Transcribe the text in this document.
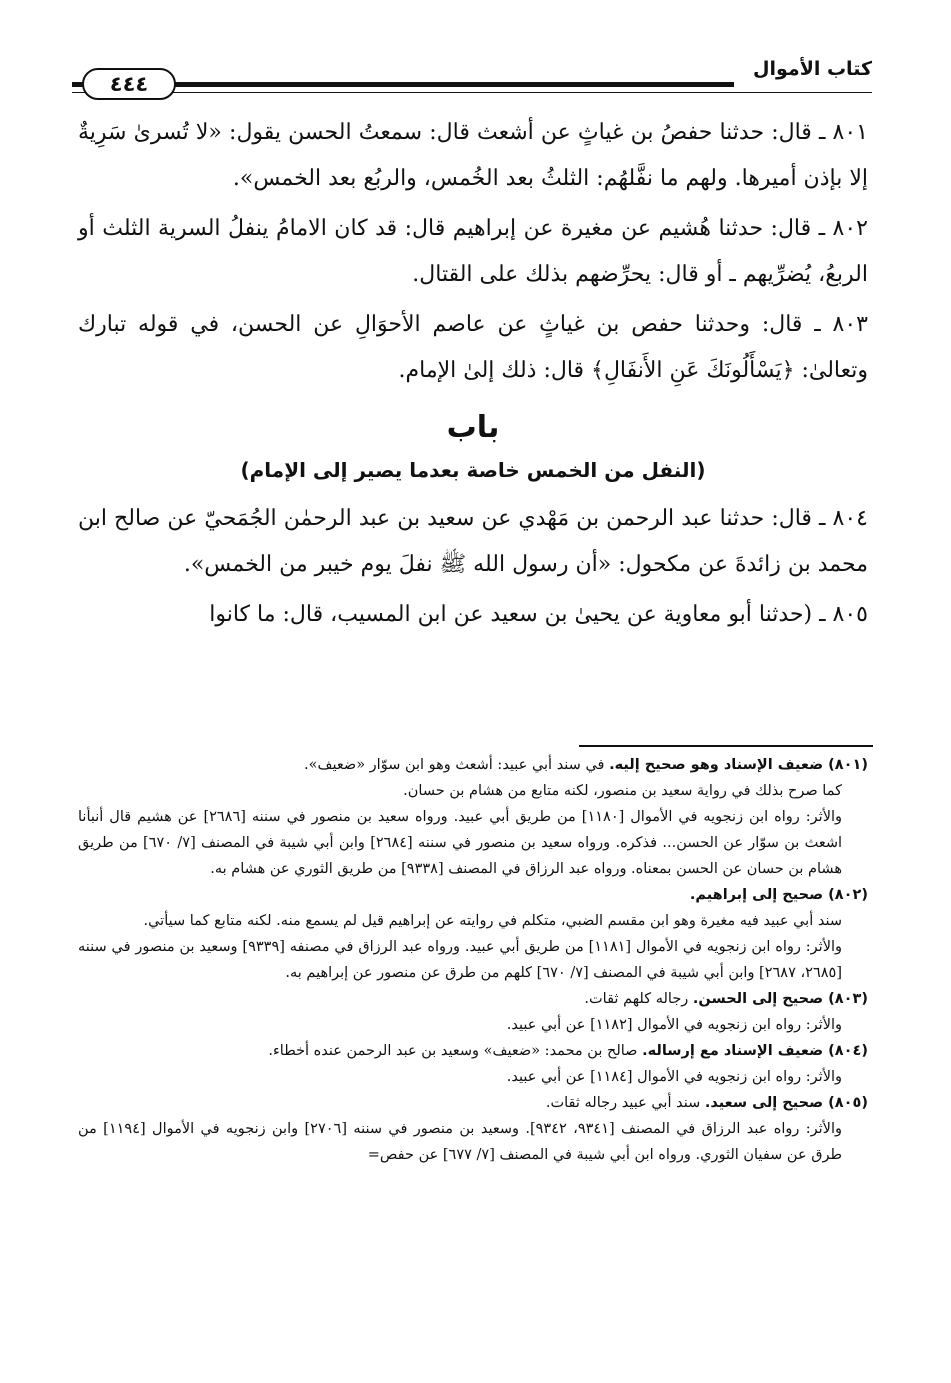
كتاب الأموال
٤٤٤

٨٠١ ـ قال: حدثنا حفصُ بن غياثٍ عن أشعث قال: سمعتُ الحسن يقول: «لا تُسرىٰ سَرِيةٌ إلا بإذن أميرها. ولهم ما نفَّلهُم: الثلثُ بعد الخُمس، والربُع بعد الخمس».

٨٠٢ ـ قال: حدثنا هُشيم عن مغيرة عن إبراهيم قال: قد كان الامامُ ينفلُ السرية الثلث أو الربعُ، يُضرِّيهم ـ أو قال: يحرِّضهم بذلك على القتال.

٨٠٣ ـ قال: وحدثنا حفص بن غياثٍ عن عاصم الأحوَالِ عن الحسن، في قوله تبارك وتعالىٰ: ﴿يَسْأَلُونَكَ عَنِ الأَنفَالِ﴾ قال: ذلك إلىٰ الإمام.

باب
(النفل من الخمس خاصة بعدما يصير إلى الإمام)

٨٠٤ ـ قال: حدثنا عبد الرحمن بن مَهْدي عن سعيد بن عبد الرحمٰن الجُمَحيّ عن صالح ابن محمد بن زائدةَ عن مكحول: «أن رسول الله ﷺ نفلَ يوم خيبر من الخمس».

٨٠٥ ـ (حدثنا أبو معاوية عن يحيىٰ بن سعيد عن ابن المسيب، قال: ما كانوا

(٨٠١) ضعيف الإسناد وهو صحيح إليه. في سند أبي عبيد: أشعث وهو ابن سوّار «ضعيف».

كما صرح بذلك في رواية سعيد بن منصور، لكنه متابع من هشام بن حسان.

والأثر: رواه ابن زنجويه في الأموال [١١٨٠] من طريق أبي عبيد. ورواه سعيد بن منصور في سننه [٢٦٨٦] عن هشيم قال أنبأنا اشعث بن سوّار عن الحسن... فذكره. ورواه سعيد بن منصور في سننه [٢٦٨٤] وابن أبي شيبة في المصنف [٧/ ٦٧٠] من طريق هشام بن حسان عن الحسن بمعناه. ورواه عبد الرزاق في المصنف [٩٣٣٨] من طريق الثوري عن هشام به.

(٨٠٢) صحيح إلى إبراهيم.

سند أبي عبيد فيه مغيرة وهو ابن مقسم الضبي، متكلم في روايته عن إبراهيم قيل لم يسمع منه. لكنه متابع كما سيأتي.

والأثر: رواه ابن زنجويه في الأموال [١١٨١] من طريق أبي عبيد. ورواه عبد الرزاق في مصنفه [٩٣٣٩] وسعيد بن منصور في سننه [٢٦٨٥، ٢٦٨٧] وابن أبي شيبة في المصنف [٧/ ٦٧٠] كلهم من طرق عن منصور عن إبراهيم به.

(٨٠٣) صحيح إلى الحسن. رجاله كلهم ثقات.

والأثر: رواه ابن زنجويه في الأموال [١١٨٢] عن أبي عبيد.

(٨٠٤) ضعيف الإسناد مع إرساله. صالح بن محمد: «ضعيف» وسعيد بن عبد الرحمن عنده أخطاء.

والأثر: رواه ابن زنجويه في الأموال [١١٨٤] عن أبي عبيد.

(٨٠٥) صحيح إلى سعيد. سند أبي عبيد رجاله ثقات.

والأثر: رواه عبد الرزاق في المصنف [٩٣٤١، ٩٣٤٢]. وسعيد بن منصور في سننه [٢٧٠٦] وابن زنجويه في الأموال [١١٩٤] من طرق عن سفيان الثوري. ورواه ابن أبي شيبة في المصنف [٧/ ٦٧٧] عن حفص=
